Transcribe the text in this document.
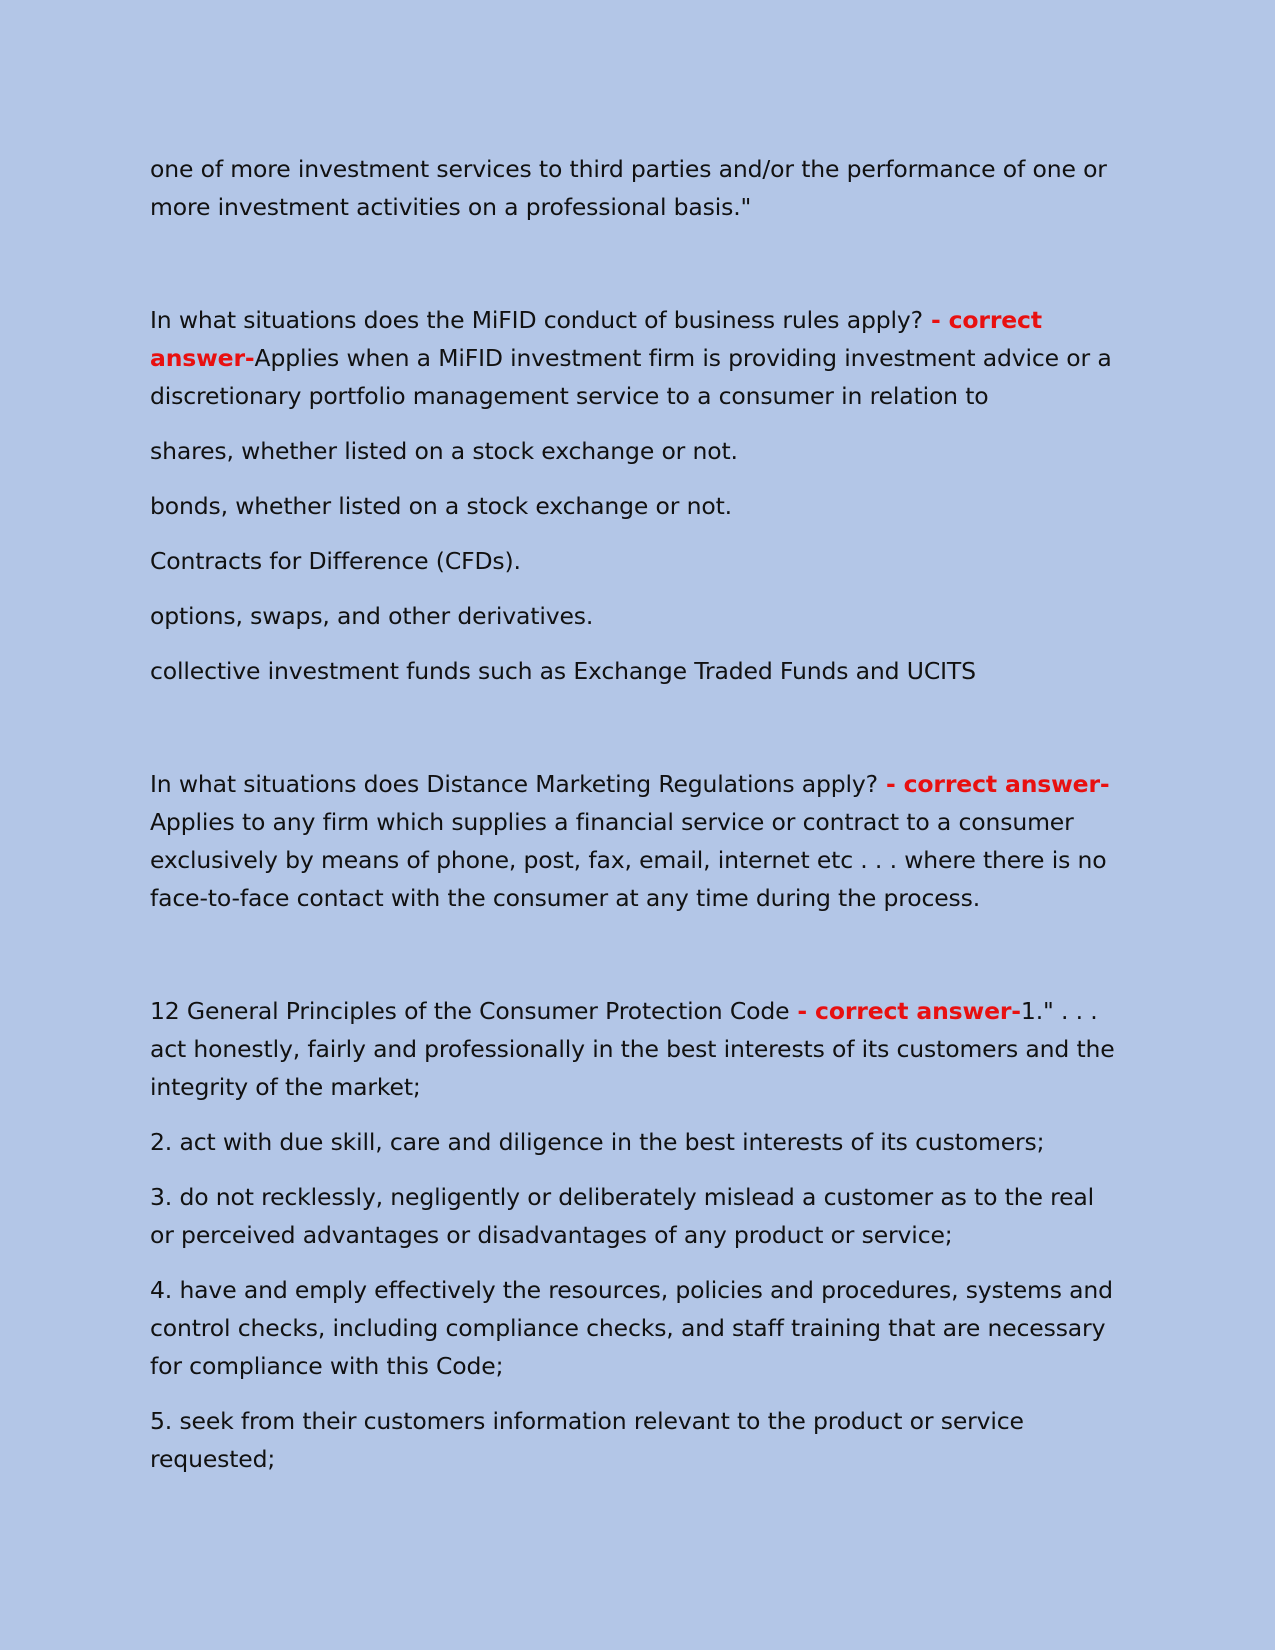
one of more investment services to third parties and/or the performance of one or more investment activities on a professional basis."

In what situations does the MiFID conduct of business rules apply? - correct answer-Applies when a MiFID investment firm is providing investment advice or a discretionary portfolio management service to a consumer in relation to

shares, whether listed on a stock exchange or not.

bonds, whether listed on a stock exchange or not.

Contracts for Difference (CFDs).

options, swaps, and other derivatives.

collective investment funds such as Exchange Traded Funds and UCITS

In what situations does Distance Marketing Regulations apply? - correct answer-Applies to any firm which supplies a financial service or contract to a consumer exclusively by means of phone, post, fax, email, internet etc . . . where there is no face-to-face contact with the consumer at any time during the process.

12 General Principles of the Consumer Protection Code - correct answer-1." . . . act honestly, fairly and professionally in the best interests of its customers and the integrity of the market;

2. act with due skill, care and diligence in the best interests of its customers;

3. do not recklessly, negligently or deliberately mislead a customer as to the real or perceived advantages or disadvantages of any product or service;

4. have and emply effectively the resources, policies and procedures, systems and control checks, including compliance checks, and staff training that are necessary for compliance with this Code;

5. seek from their customers information relevant to the product or service requested;
